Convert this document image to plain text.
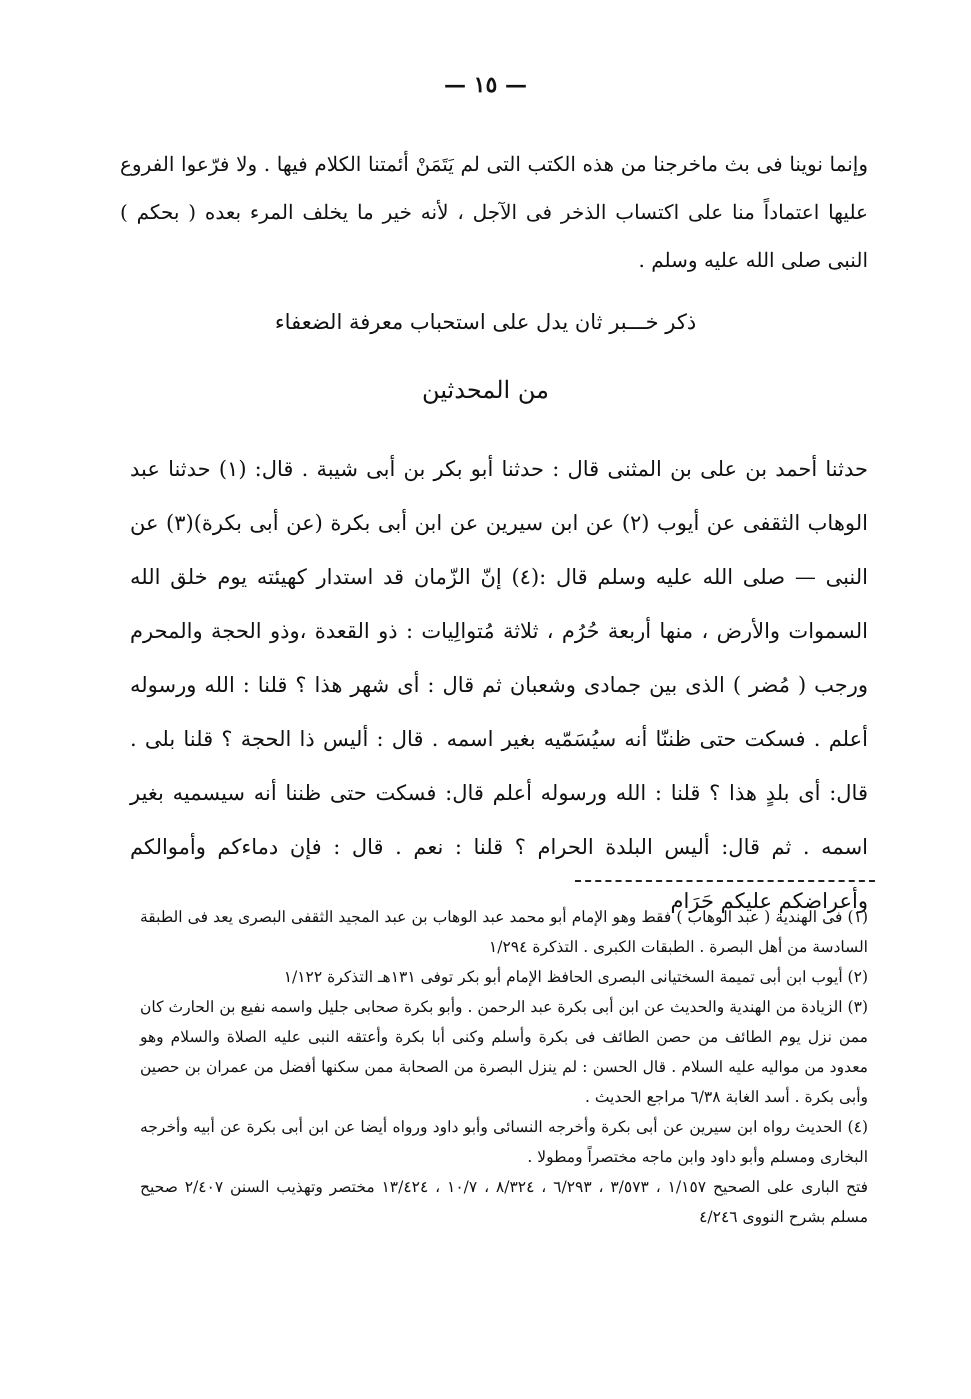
— ١٥ —

وإنما نوينا فى بث ماخرجنا من هذه الكتب التى لم يَتَمَنْ أئمتنا الكلام فيها . ولا فرّعوا الفروع عليها اعتماداً منا على اكتساب الذخر فى الآجل ، لأنه خير ما يخلف المرء بعده ( بحكم ) النبى صلى الله عليه وسلم .

ذكر خـــبر ثان يدل على استحباب معرفة الضعفاء
من المحدثين

حدثنا أحمد بن على بن المثنى قال : حدثنا أبو بكر بن أبى شيبة . قال: (١) حدثنا عبد الوهاب الثقفى عن أيوب (٢) عن ابن سيرين عن ابن أبى بكرة (عن أبى بكرة)(٣) عن النبى — صلى الله عليه وسلم قال :(٤) إنّ الزّمان قد استدار كهيئته يوم خلق الله السموات والأرض ، منها أربعة حُرُم ، ثلاثة مُتوالِيات : ذو القعدة ،وذو الحجة والمحرم ورجب ( مُضر ) الذى بين جمادى وشعبان ثم قال : أى شهر هذا ؟ قلنا : الله ورسوله أعلم . فسكت حتى ظننّا أنه سيُسَمّيه بغير اسمه . قال : أليس ذا الحجة ؟ قلنا بلى . قال: أى بلدٍ هذا ؟ قلنا : الله ورسوله أعلم قال: فسكت حتى ظننا أنه سيسميه بغير اسمه . ثم قال: أليس البلدة الحرام ؟ قلنا : نعم . قال : فإن دماءكم وأموالكم وأعراضكم عليكم حَرَام

(١) فى الهندية ( عبد الوهاب ) فقط وهو الإمام أبو محمد عبد الوهاب بن عبد المجيد الثقفى البصرى يعد فى الطبقة السادسة من أهل البصرة . الطبقات الكبرى . التذكرة ١/٢٩٤

(٢) أيوب ابن أبى تميمة السختيانى البصرى الحافظ الإمام أبو بكر توفى ١٣١هـ التذكرة ١/١٢٢

(٣) الزيادة من الهندية والحديث عن ابن أبى بكرة عبد الرحمن . وأبو بكرة صحابى جليل واسمه نفيع بن الحارث كان ممن نزل يوم الطائف من حصن الطائف فى بكرة وأسلم وكنى أبا بكرة وأعتقه النبى عليه الصلاة والسلام وهو معدود من مواليه عليه السلام . قال الحسن : لم ينزل البصرة من الصحابة ممن سكنها أفضل من عمران بن حصين وأبى بكرة . أسد الغابة ٦/٣٨ مراجع الحديث .

(٤) الحديث رواه ابن سيرين عن أبى بكرة وأخرجه النسائى وأبو داود ورواه أيضا عن ابن أبى بكرة عن أبيه وأخرجه البخارى ومسلم وأبو داود وابن ماجه مختصراً ومطولا .

فتح البارى على الصحيح ١/١٥٧ ، ٣/٥٧٣ ، ٦/٢٩٣ ، ٨/٣٢٤ ، ١٠/٧ ، ١٣/٤٢٤ مختصر وتهذيب السنن ٢/٤٠٧ صحيح مسلم بشرح النووى ٤/٢٤٦
